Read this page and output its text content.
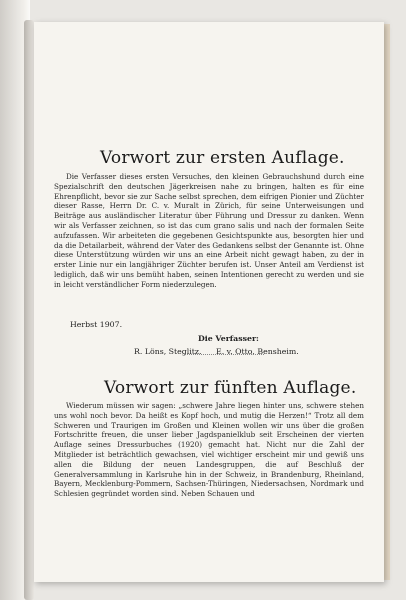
Vorwort zur ersten Auflage.

Die Verfasser dieses ersten Versuches, den kleinen Gebrauchshund durch eine Spezialschrift den deutschen Jägerkreisen nahe zu bringen, halten es für eine Ehrenpflicht, bevor sie zur Sache selbst sprechen, dem eifrigen Pionier und Züchter dieser Rasse, Herrn Dr. C. v. Muralt in Zürich, für seine Unterweisungen und Beiträge aus ausländischer Literatur über Führung und Dressur zu danken. Wenn wir als Verfasser zeichnen, so ist das cum grano salis und nach der formalen Seite aufzufassen. Wir arbeiteten die gegebenen Gesichtspunkte aus, besorgten hier und da die Detailarbeit, während der Vater des Gedankens selbst der Genannte ist. Ohne diese Unterstützung würden wir uns an eine Arbeit nicht gewagt haben, zu der in erster Linie nur ein langjähriger Züchter berufen ist. Unser Anteil am Verdienst ist lediglich, daß wir uns bemüht haben, seinen Intentionen gerecht zu werden und sie in leicht verständlicher Form niederzulegen.

Herbst 1907.
Die Verfasser:
R. Löns, Steglitz. E. v. Otto, Bensheim.
Vorwort zur fünften Auflage.

Wiederum müssen wir sagen: „schwere Jahre liegen hinter uns, schwere stehen uns wohl noch bevor. Da heißt es Kopf hoch, und mutig die Herzen!“ Trotz all dem Schweren und Traurigen im Großen und Kleinen wollen wir uns über die großen Fortschritte freuen, die unser lieber Jagdspanielklub seit Erscheinen der vierten Auflage seines Dressurbuches (1920) gemacht hat. Nicht nur die Zahl der Mitglieder ist beträchtlich gewachsen, viel wichtiger erscheint mir und gewiß uns allen die Bildung der neuen Landesgruppen, die auf Beschluß der Generalversammlung in Karlsruhe hin in der Schweiz, in Brandenburg, Rheinland, Bayern, Mecklenburg-Pommern, Sachsen-Thüringen, Niedersachsen, Nordmark und Schlesien gegründet worden sind. Neben Schauen und
